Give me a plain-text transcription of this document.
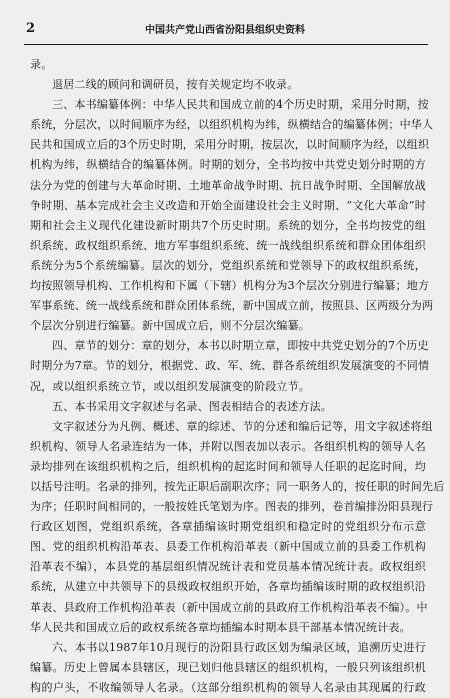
2	中国共产党山西省汾阳县组织史资料
录。
退居二线的顾问和调研员，按有关规定均不收录。
三、本书编纂体例：中华人民共和国成立前的4个历史时期，采用分时期，按
系统，分层次，以时间顺序为经，以组织机构为纬，纵横结合的编纂体例；中华人
民共和国成立后的3个历史时期，采用分时期，按层次，以时间顺序为经，以组织
机构为纬，纵横结合的编纂体例。时期的划分，全书均按中共党史划分时期的方
法分为党的创建与大革命时期、土地革命战争时期、抗日战争时期、全国解放战
争时期、基本完成社会主义改造和开始全面建设社会主义时期、“文化大革命”时
期和社会主义现代化建设新时期共7个历史时期。系统的划分，全书均按党的组
织系统、政权组织系统、地方军事组织系统、统一战线组织系统和群众团体组织
系统分为5个系统编纂。层次的划分，党组织系统和党领导下的政权组织系统，
均按照领导机构、工作机构和下属（下辖）机构分为3个层次分别进行编纂；地方
军事系统、统一战线系统和群众团体系统，新中国成立前，按照县、区两级分为两
个层次分别进行编纂。新中国成立后，则不分层次编纂。
四、章节的划分：章的划分，本书以时期立章，即按中共党史划分的7个历史
时期分为7章。节的划分，根据党、政、军、统、群各系统组织发展演变的不同情
况，或以组织系统立节，或以组织发展演变的阶段立节。
五、本书采用文字叙述与名录、图表相结合的表述方法。
文字叙述分为凡例、概述、章的综述、节的分述和编后记等，用文字叙述将组
织机构、领导人名录连结为一体，并附以图表加以表示。各组织机构的领导人名
录均排列在该组织机构之后，组织机构的起迄时间和领导人任职的起迄时间，均
以括号注明。名录的排列，按先正职后副职次序；同一职务人的，按任职的时间先后
为序；任职时间相同的，一般按姓氏笔划为序。图表的排列，卷首编排汾阳县现行
行政区划图，党组织系统，各章插编该时期党组织和稳定时的党组织分布示意
图、党的组织机构沿革表、县委工作机构沿革表（新中国成立前的县委工作机构
沿革表不编），本县党的基层组织情况统计表和党员基本情况统计表。政权组织
系统，从建立中共领导下的县级政权组织开始，各章均插编该时期的政权组织沿
革表、县政府工作机构沿革表（新中国成立前的县政府工作机构沿革表不编）。中
华人民共和国成立后的政权系统各章均插编本时期本县干部基本情况统计表。
六、本书以1987年10月现行的汾阳县行政区划为编录区域，追溯历史进行
编纂。历史上曾属本县辖区，现已划归他县辖区的组织机构，一般只列该组织机
构的户头，不收编领导人名录。（这部分组织机构的领导人名录由其现属的行政
